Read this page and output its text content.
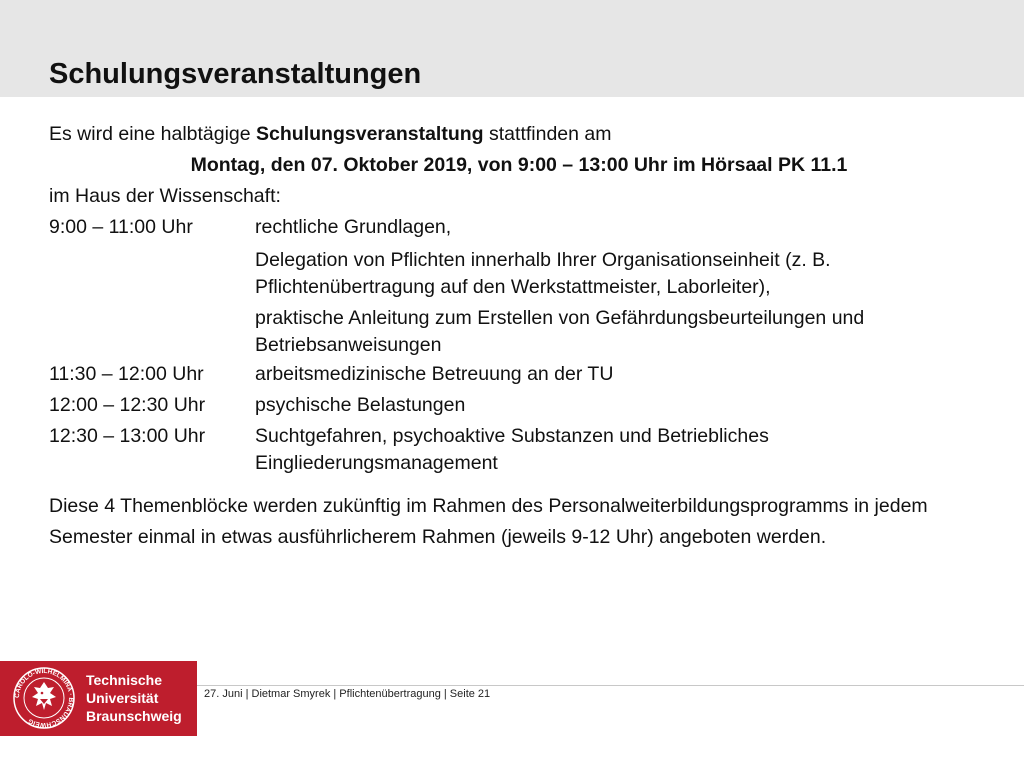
Schulungsveranstaltungen
Es wird eine halbtägige Schulungsveranstaltung stattfinden am
Montag, den 07. Oktober 2019, von 9:00 – 13:00 Uhr im Hörsaal PK 11.1
im Haus der Wissenschaft:
9:00 – 11:00 Uhr	rechtliche Grundlagen,
Delegation von Pflichten innerhalb Ihrer Organisationseinheit (z. B. Pflichtenübertragung auf den Werkstattmeister, Laborleiter),
praktische Anleitung zum Erstellen von Gefährdungsbeurteilungen und Betriebsanweisungen
11:30 – 12:00 Uhr	arbeitsmedizinische Betreuung an der TU
12:00 – 12:30 Uhr	psychische Belastungen
12:30 – 13:00 Uhr	Suchtgefahren, psychoaktive Substanzen und Betriebliches Eingliederungsmanagement
Diese 4 Themenblöcke werden zukünftig im Rahmen des Personalweiterbildungsprogramms in jedem Semester einmal in etwas ausführlicherem Rahmen (jeweils 9-12 Uhr) angeboten werden.
CAROLO-WILHELMINA · BRAUNSCHWEIG
Technische
Universität
Braunschweig
27. Juni | Dietmar Smyrek | Pflichtenübertragung | Seite 21
